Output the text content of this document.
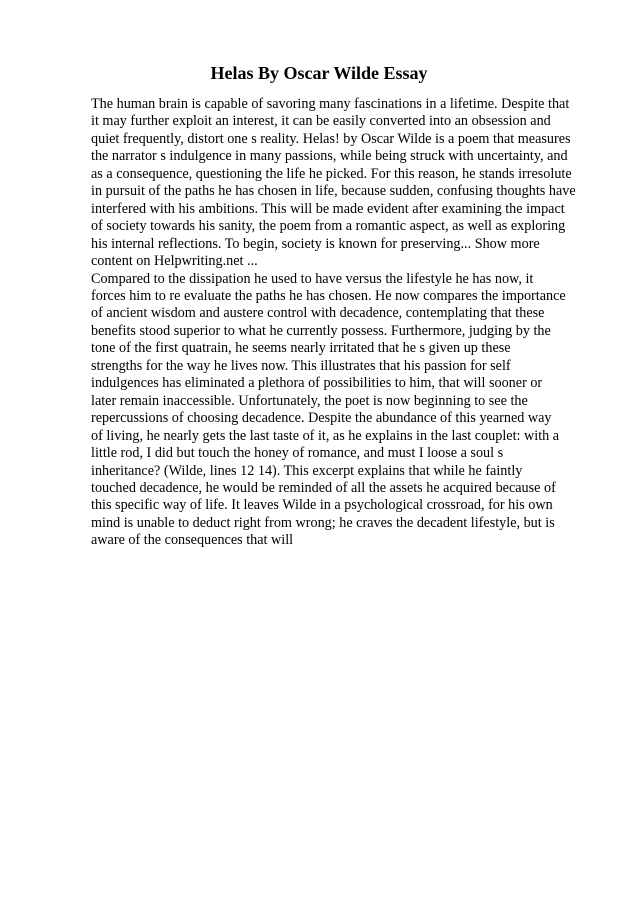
Helas By Oscar Wilde Essay
The human brain is capable of savoring many fascinations in a lifetime. Despite that
it may further exploit an interest, it can be easily converted into an obsession and
quiet frequently, distort one s reality. Helas! by Oscar Wilde is a poem that measures
the narrator s indulgence in many passions, while being struck with uncertainty, and
as a consequence, questioning the life he picked. For this reason, he stands irresolute
in pursuit of the paths he has chosen in life, because sudden, confusing thoughts have
interfered with his ambitions. This will be made evident after examining the impact
of society towards his sanity, the poem from a romantic aspect, as well as exploring
his internal reflections. To begin, society is known for preserving... Show more
content on Helpwriting.net ...
Compared to the dissipation he used to have versus the lifestyle he has now, it
forces him to re evaluate the paths he has chosen. He now compares the importance
of ancient wisdom and austere control with decadence, contemplating that these
benefits stood superior to what he currently possess. Furthermore, judging by the
tone of the first quatrain, he seems nearly irritated that he s given up these
strengths for the way he lives now. This illustrates that his passion for self
indulgences has eliminated a plethora of possibilities to him, that will sooner or
later remain inaccessible. Unfortunately, the poet is now beginning to see the
repercussions of choosing decadence. Despite the abundance of this yearned way
of living, he nearly gets the last taste of it, as he explains in the last couplet: with a
little rod, I did but touch the honey of romance, and must I loose a soul s
inheritance? (Wilde, lines 12 14). This excerpt explains that while he faintly
touched decadence, he would be reminded of all the assets he acquired because of
this specific way of life. It leaves Wilde in a psychological crossroad, for his own
mind is unable to deduct right from wrong; he craves the decadent lifestyle, but is
aware of the consequences that will
